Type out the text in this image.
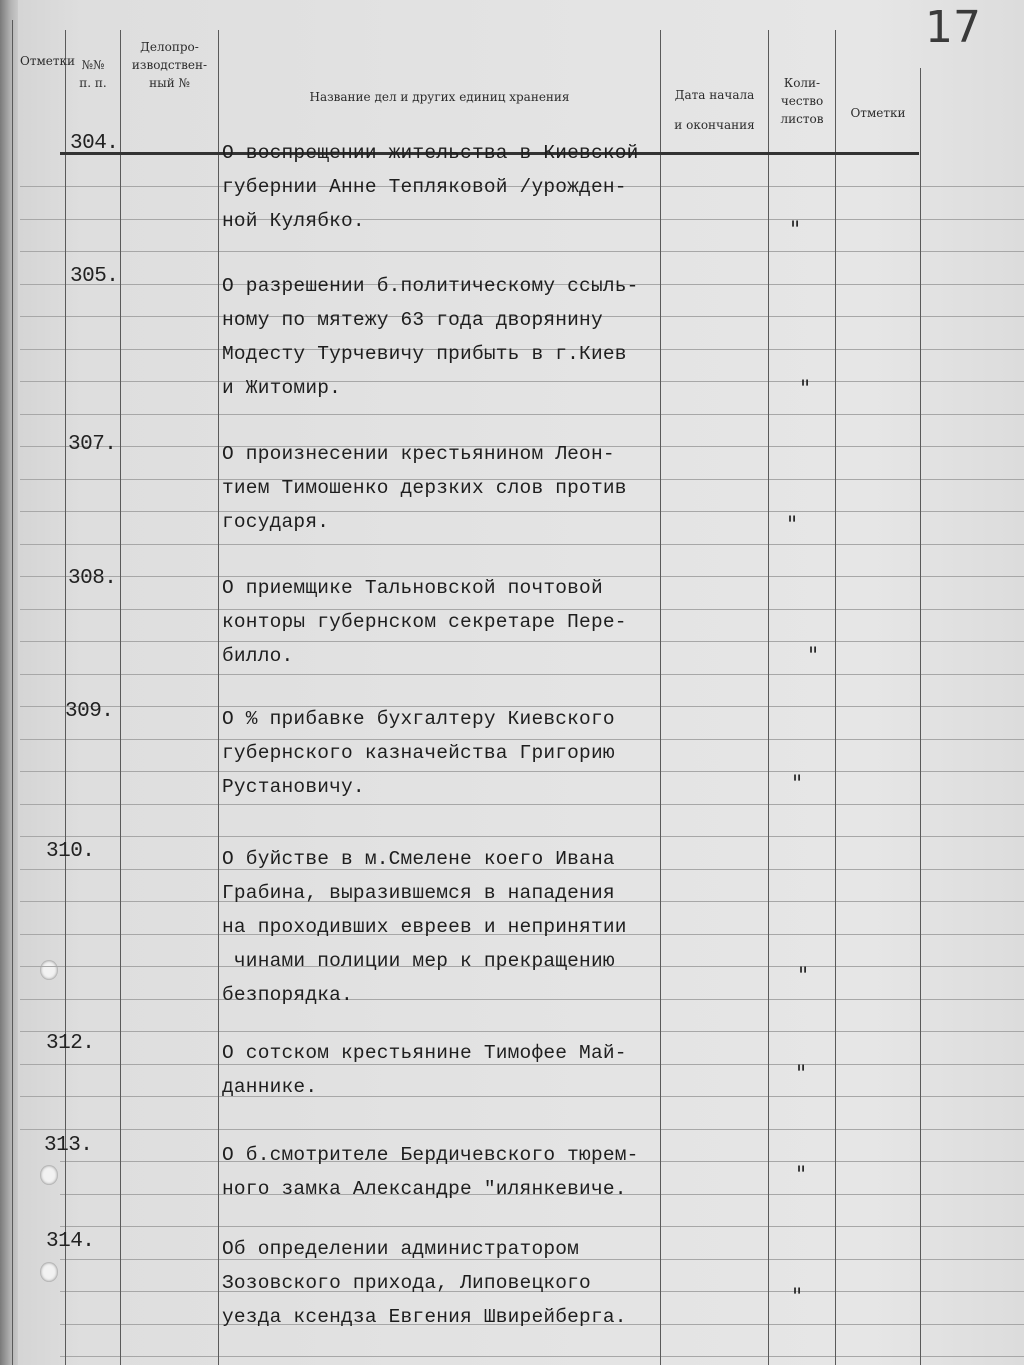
17
Отметки №№
п. п.
Делопро-
изводствен-
ный №
Название дел и других единиц хранения	Дата начала
и окончания
Коли-
чество
листов	Отметки
304.	О воспрещении жительства в Киевской
губернии Анне Тепляковой /урожден-
ной Кулябко.	"
305.	О разрешении б.политическому ссыль-
ному по мятежу 63 года дворянину
Модесту Турчевичу прибыть в г.Киев
и Житомир.	"
307.	О произнесении крестьянином Леон-
тием Тимошенко дерзких слов против
государя.	"
308.	О приемщике Тальновской почтовой
конторы губернском секретаре Пере-
билло.	"
309.	О % прибавке бухгалтеру Киевского
губернского казначейства Григорию
Рустановичу.	"
310.	О буйстве в м.Смелене коего Ивана
Грабина, выразившемся в нападения
на проходивших евреев и непринятии
чинами полиции мер к прекращению
безпорядка.
"
312.	О сотском крестьянине Тимофее Май-
даннике.	"
313.	О б.смотрителе Бердичевского тюрем-
ного замка Александре "илянкевиче.
"
314.	Об определении администратором
Зозовского прихода, Липовецкого
уезда ксендза Евгения Швирейберга.
"
